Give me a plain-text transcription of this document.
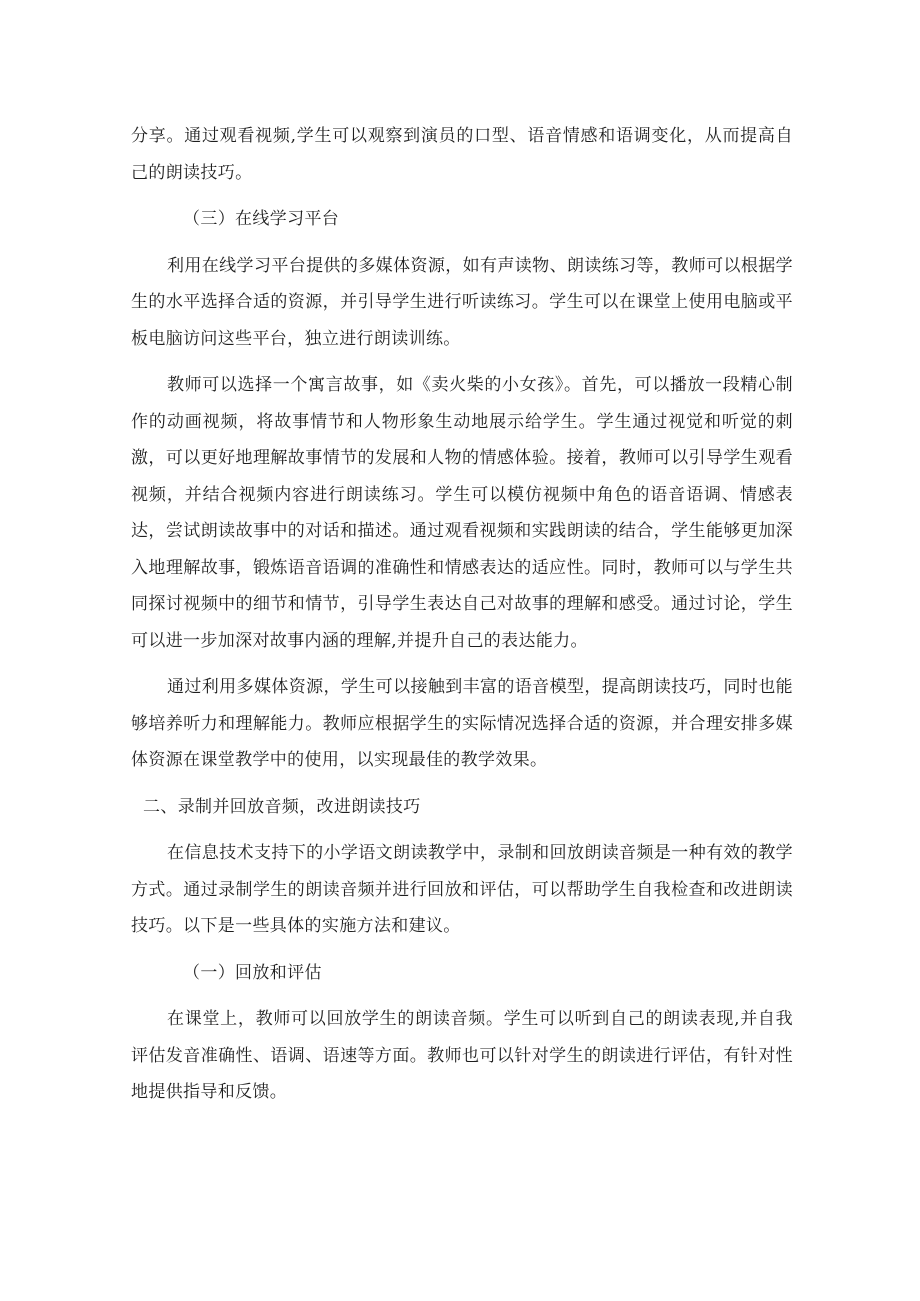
分享。通过观看视频,学生可以观察到演员的口型、语音情感和语调变化，从而提高自己的朗读技巧。

（三）在线学习平台

利用在线学习平台提供的多媒体资源，如有声读物、朗读练习等，教师可以根据学生的水平选择合适的资源，并引导学生进行听读练习。学生可以在课堂上使用电脑或平板电脑访问这些平台，独立进行朗读训练。

教师可以选择一个寓言故事，如《卖火柴的小女孩》。首先，可以播放一段精心制作的动画视频，将故事情节和人物形象生动地展示给学生。学生通过视觉和听觉的刺激，可以更好地理解故事情节的发展和人物的情感体验。接着，教师可以引导学生观看视频，并结合视频内容进行朗读练习。学生可以模仿视频中角色的语音语调、情感表达，尝试朗读故事中的对话和描述。通过观看视频和实践朗读的结合，学生能够更加深入地理解故事，锻炼语音语调的准确性和情感表达的适应性。同时，教师可以与学生共同探讨视频中的细节和情节，引导学生表达自己对故事的理解和感受。通过讨论，学生可以进一步加深对故事内涵的理解,并提升自己的表达能力。

通过利用多媒体资源，学生可以接触到丰富的语音模型，提高朗读技巧，同时也能够培养听力和理解能力。教师应根据学生的实际情况选择合适的资源，并合理安排多媒体资源在课堂教学中的使用，以实现最佳的教学效果。

二、录制并回放音频，改进朗读技巧

在信息技术支持下的小学语文朗读教学中，录制和回放朗读音频是一种有效的教学方式。通过录制学生的朗读音频并进行回放和评估，可以帮助学生自我检查和改进朗读技巧。以下是一些具体的实施方法和建议。

（一）回放和评估

在课堂上，教师可以回放学生的朗读音频。学生可以听到自己的朗读表现,并自我评估发音准确性、语调、语速等方面。教师也可以针对学生的朗读进行评估，有针对性地提供指导和反馈。
